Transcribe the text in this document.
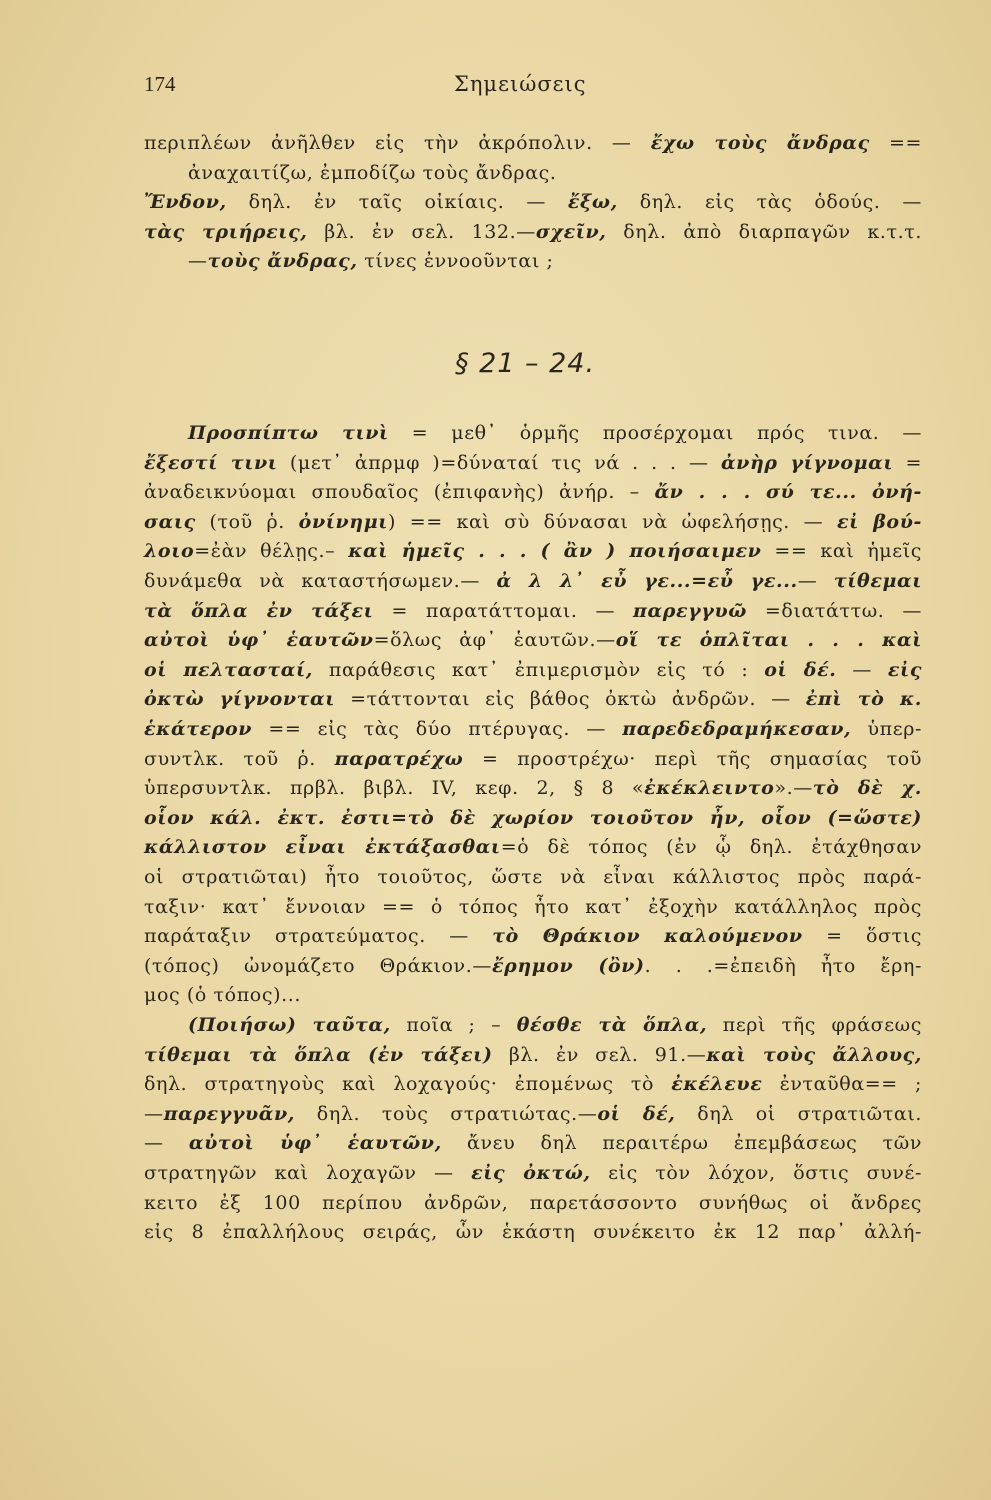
174	Σημειώσεις
περιπλέων ἀνῆλθεν εἰς τὴν ἀκρόπολιν. — ἔχω τοὺς ἄνδρας ==
ἀναχαιτίζω, ἐμποδίζω τοὺς ἄνδρας.
Ἔνδον, δηλ. ἐν ταῖς οἰκίαις. — ἔξω, δηλ. εἰς τὰς ὁδούς. —
τὰς τριήρεις, βλ. ἐν σελ. 132.—σχεῖν, δηλ. ἀπὸ διαρπαγῶν κ.τ.τ.
—τοὺς ἄνδρας, τίνες ἐννοοῦνται ;
§ 21 – 24.
Προσπίπτω τινὶ = μεθ᾽ ὁρμῆς προσέρχομαι πρός τινα. —
ἔξεστί τινι (μετ᾽ ἀπρμφ )=δύναταί τις νά . . . — ἀνὴρ γίγνομαι =
ἀναδεικνύομαι σπουδαῖος (ἐπιφανὴς) ἀνήρ. – ἄν . . . σύ τε... ὀνή-
σαις (τοῦ ῥ. ὀνίνημι) == καὶ σὺ δύνασαι νὰ ὠφελήσῃς. — εἰ βού-
λοιο=ἐὰν θέλῃς.– καὶ ἡμεῖς . . . ( ἂν ) ποιήσαιμεν == καὶ ἡμεῖς
δυνάμεθα νὰ καταστήσωμεν.— ἀ λ λ᾽ εὖ γε...=εὖ γε...— τίθεμαι
τὰ ὅπλα ἐν τάξει = παρατάττομαι. — παρεγγυῶ =διατάττω. —
αὐτοὶ ὑφ᾽ ἑαυτῶν=ὅλως ἀφ᾽ ἑαυτῶν.—οἵ τε ὁπλῖται . . . καὶ
οἱ πελτασταί, παράθεσις κατ᾽ ἐπιμερισμὸν εἰς τό : οἱ δέ. — εἰς
ὀκτὼ γίγνονται =τάττονται εἰς βάθος ὀκτὼ ἀνδρῶν. — ἐπὶ τὸ κ.
ἑκάτερον == εἰς τὰς δύο πτέρυγας. — παρεδεδραμήκεσαν, ὑπερ-
συντλκ. τοῦ ῥ. παρατρέχω = προστρέχω· περὶ τῆς σημασίας τοῦ
ὑπερσυντλκ. πρβλ. βιβλ. IV, κεφ. 2, § 8 «ἐκέκλειντο».—τὸ δὲ χ.
οἷον κάλ. ἐκτ. ἐστι=τὸ δὲ χωρίον τοιοῦτον ἦν, οἷον (=ὥστε)
κάλλιστον εἶναι ἐκτάξασθαι=ὁ δὲ τόπος (ἐν ᾧ δηλ. ἐτάχθησαν
οἱ στρατιῶται) ἦτο τοιοῦτος, ὥστε νὰ εἶναι κάλλιστος πρὸς παρά-
ταξιν· κατ᾽ ἔννοιαν == ὁ τόπος ἦτο κατ᾽ ἐξοχὴν κατάλληλος πρὸς
παράταξιν στρατεύματος. — τὸ Θράκιον καλούμενον = ὅστις
(τόπος) ὠνομάζετο Θράκιον.—ἔρημον (ὂν). . .=ἐπειδὴ ἦτο ἔρη-
μος (ὁ τόπος)...
(Ποιήσω) ταῦτα, ποῖα ; – θέσθε τὰ ὅπλα, περὶ τῆς φράσεως
τίθεμαι τὰ ὅπλα (ἐν τάξει) βλ. ἐν σελ. 91.—καὶ τοὺς ἄλλους,
δηλ. στρατηγοὺς καὶ λοχαγούς· ἐπομένως τὸ ἐκέλευε ἐνταῦθα== ;
—παρεγγυᾶν, δηλ. τοὺς στρατιώτας.—οἱ δέ, δηλ οἱ στρατιῶται.
— αὐτοὶ ὑφ᾽ ἑαυτῶν, ἄνευ δηλ περαιτέρω ἐπεμβάσεως τῶν
στρατηγῶν καὶ λοχαγῶν — εἰς ὀκτώ, εἰς τὸν λόχον, ὅστις συνέ-
κειτο ἐξ 100 περίπου ἀνδρῶν, παρετάσσοντο συνήθως οἱ ἄνδρες
εἰς 8 ἐπαλλήλους σειράς, ὧν ἑκάστη συνέκειτο ἐκ 12 παρ᾽ ἀλλή-
